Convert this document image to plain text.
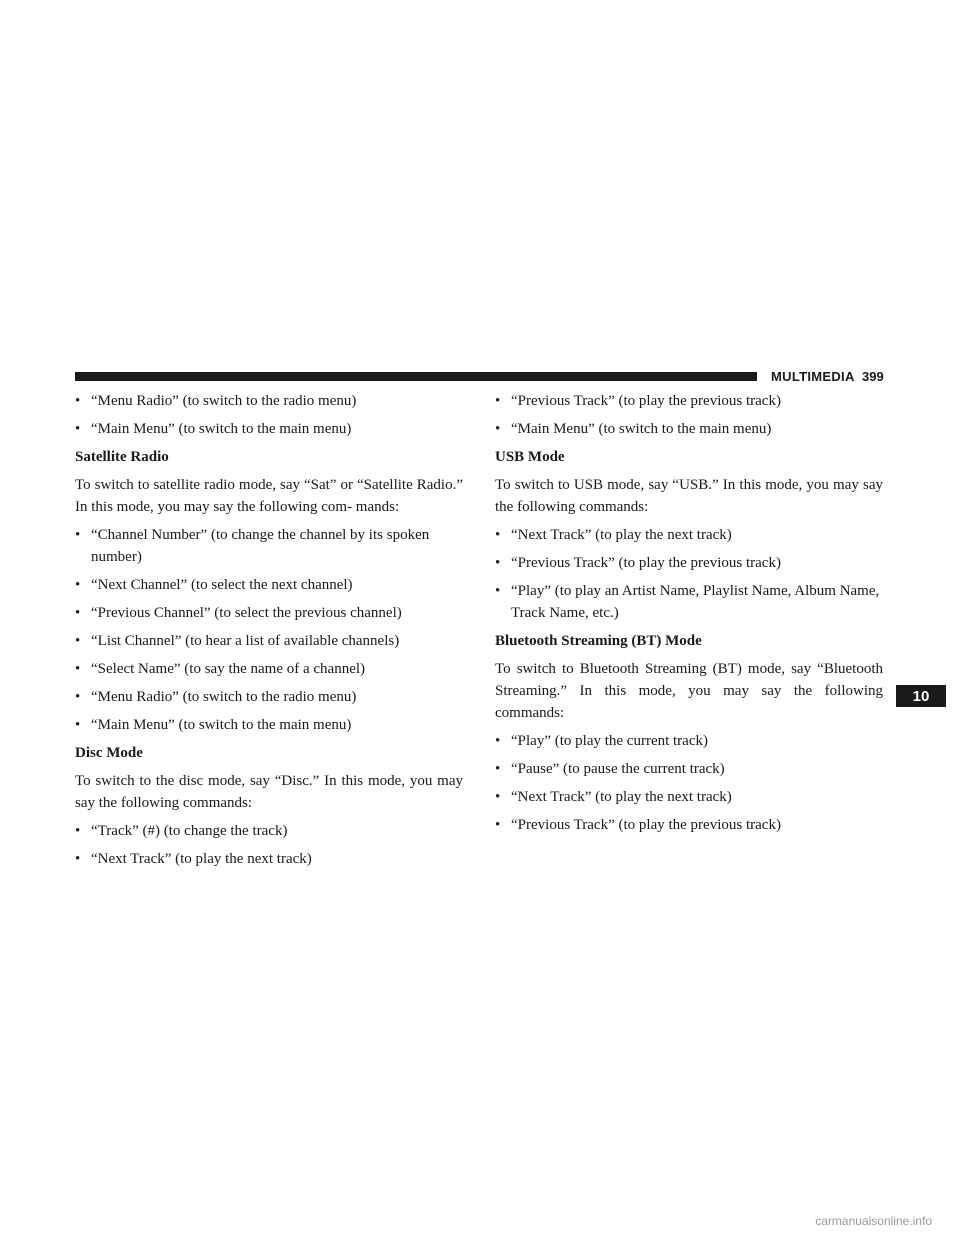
MULTIMEDIA 399
10
• “Menu Radio” (to switch to the radio menu)
• “Main Menu” (to switch to the main menu)
Satellite Radio
To switch to satellite radio mode, say “Sat” or “Satellite Radio.” In this mode, you may say the following com- mands:
• “Channel Number” (to change the channel by its spoken number)
• “Next Channel” (to select the next channel)
• “Previous Channel” (to select the previous channel)
• “List Channel” (to hear a list of available channels)
• “Select Name” (to say the name of a channel)
• “Menu Radio” (to switch to the radio menu)
• “Main Menu” (to switch to the main menu)
Disc Mode
To switch to the disc mode, say “Disc.” In this mode, you may say the following commands:
• “Track” (#) (to change the track)
• “Next Track” (to play the next track)
• “Previous Track” (to play the previous track)
• “Main Menu” (to switch to the main menu)
USB Mode
To switch to USB mode, say “USB.” In this mode, you may say the following commands:
• “Next Track” (to play the next track)
• “Previous Track” (to play the previous track)
• “Play” (to play an Artist Name, Playlist Name, Album Name, Track Name, etc.)
Bluetooth Streaming (BT) Mode
To switch to Bluetooth Streaming (BT) mode, say “Bluetooth Streaming.” In this mode, you may say the following commands:
• “Play” (to play the current track)
• “Pause” (to pause the current track)
• “Next Track” (to play the next track)
• “Previous Track” (to play the previous track)
carmanualsonline.info
